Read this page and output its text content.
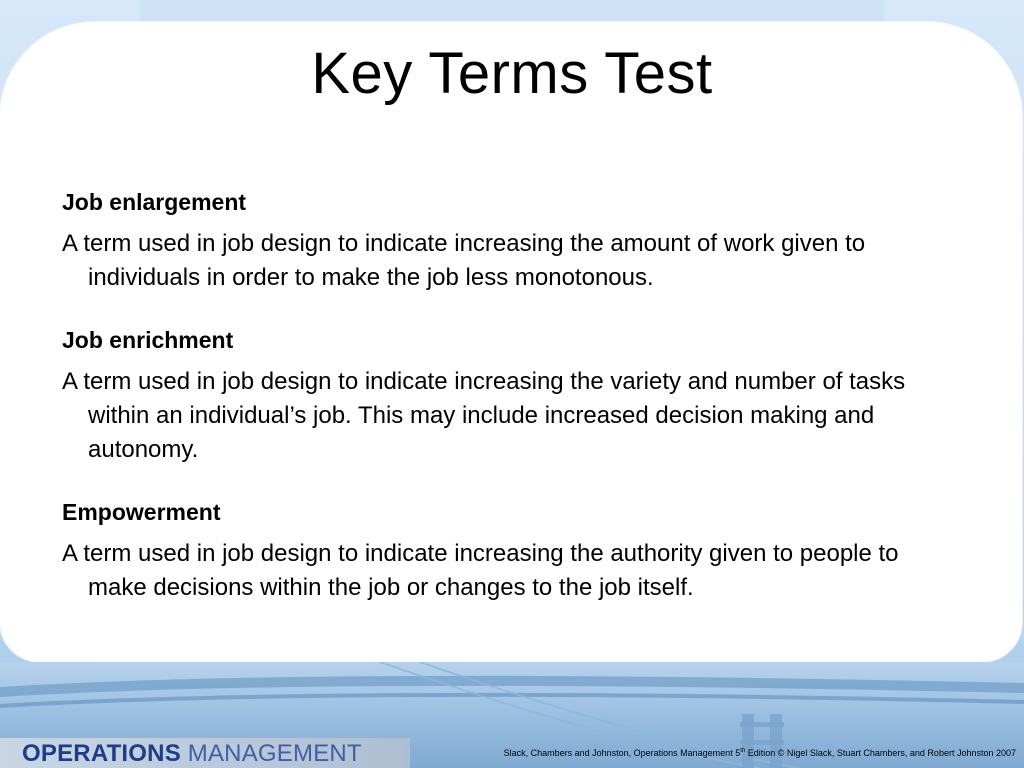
Key Terms Test
Job enlargement
A term used in job design to indicate increasing the amount of work given to individuals in order to make the job less monotonous.
Job enrichment
A term used in job design to indicate increasing the variety and number of tasks within an individual’s job. This may include increased decision making and autonomy.
Empowerment
A term used in job design to indicate increasing the authority given to people to make decisions within the job or changes to the job itself.
OPERATIONS MANAGEMENT	Slack, Chambers and Johnston, Operations Management 5th Edition © Nigel Slack, Stuart Chambers, and Robert Johnston 2007
